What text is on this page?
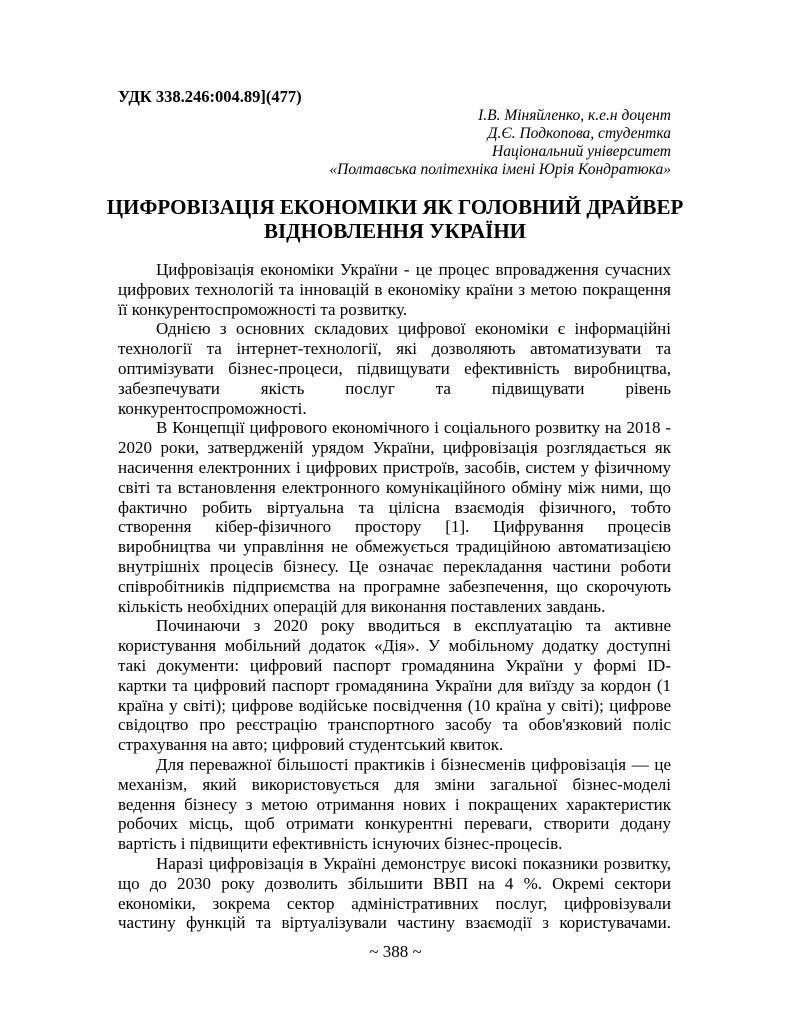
УДК 338.246:004.89](477)
І.В. Міняйленко, к.е.н доцент
Д.Є. Подкопова, студентка
Національний університет
«Полтавська політехніка імені Юрія Кондратюка»
ЦИФРОВІЗАЦІЯ ЕКОНОМІКИ ЯК ГОЛОВНИЙ ДРАЙВЕР
ВІДНОВЛЕННЯ УКРАЇНИ
Цифровізація економіки України - це процес впровадження сучасних
цифрових технологій та інновацій в економіку країни з метою покращення
її конкурентоспроможності та розвитку.
Однією з основних складових цифрової економіки є інформаційні
технології та інтернет-технології, які дозволяють автоматизувати та
оптимізувати бізнес-процеси, підвищувати ефективність виробництва,
забезпечувати якість послуг та підвищувати рівень
конкурентоспроможності.
В Концепції цифрового економічного і соціального розвитку на 2018 -
2020 роки, затвердженій урядом України, цифровізація розглядається як
насичення електронних і цифрових пристроїв, засобів, систем у фізичному
світі та встановлення електронного комунікаційного обміну між ними, що
фактично робить віртуальна та цілісна взаємодія фізичного, тобто
створення кібер-фізичного простору [1]. Цифрування процесів
виробництва чи управління не обмежується традиційною автоматизацією
внутрішніх процесів бізнесу. Це означає перекладання частини роботи
співробітників підприємства на програмне забезпечення, що скорочують
кількість необхідних операцій для виконання поставлених завдань.
Починаючи з 2020 року вводиться в експлуатацію та активне
користування мобільний додаток «Дія». У мобільному додатку доступні
такі документи: цифровий паспорт громадянина України у формі ID-
картки та цифровий паспорт громадянина України для виїзду за кордон (1
країна у світі); цифрове водійське посвідчення (10 країна у світі); цифрове
свідоцтво про реєстрацію транспортного засобу та обов'язковий поліс
страхування на авто; цифровий студентський квиток.
Для переважної більшості практиків і бізнесменів цифровізація — це
механізм, який використовується для зміни загальної бізнес-моделі
ведення бізнесу з метою отримання нових і покращених характеристик
робочих місць, щоб отримати конкурентні переваги, створити додану
вартість і підвищити ефективність існуючих бізнес-процесів.
Наразі цифровізація в Україні демонструє високі показники розвитку,
що до 2030 року дозволить збільшити ВВП на 4 %. Окремі сектори
економіки, зокрема сектор адміністративних послуг, цифровізували
частину функцій та віртуалізували частину взаємодії з користувачами.
~ 388 ~
